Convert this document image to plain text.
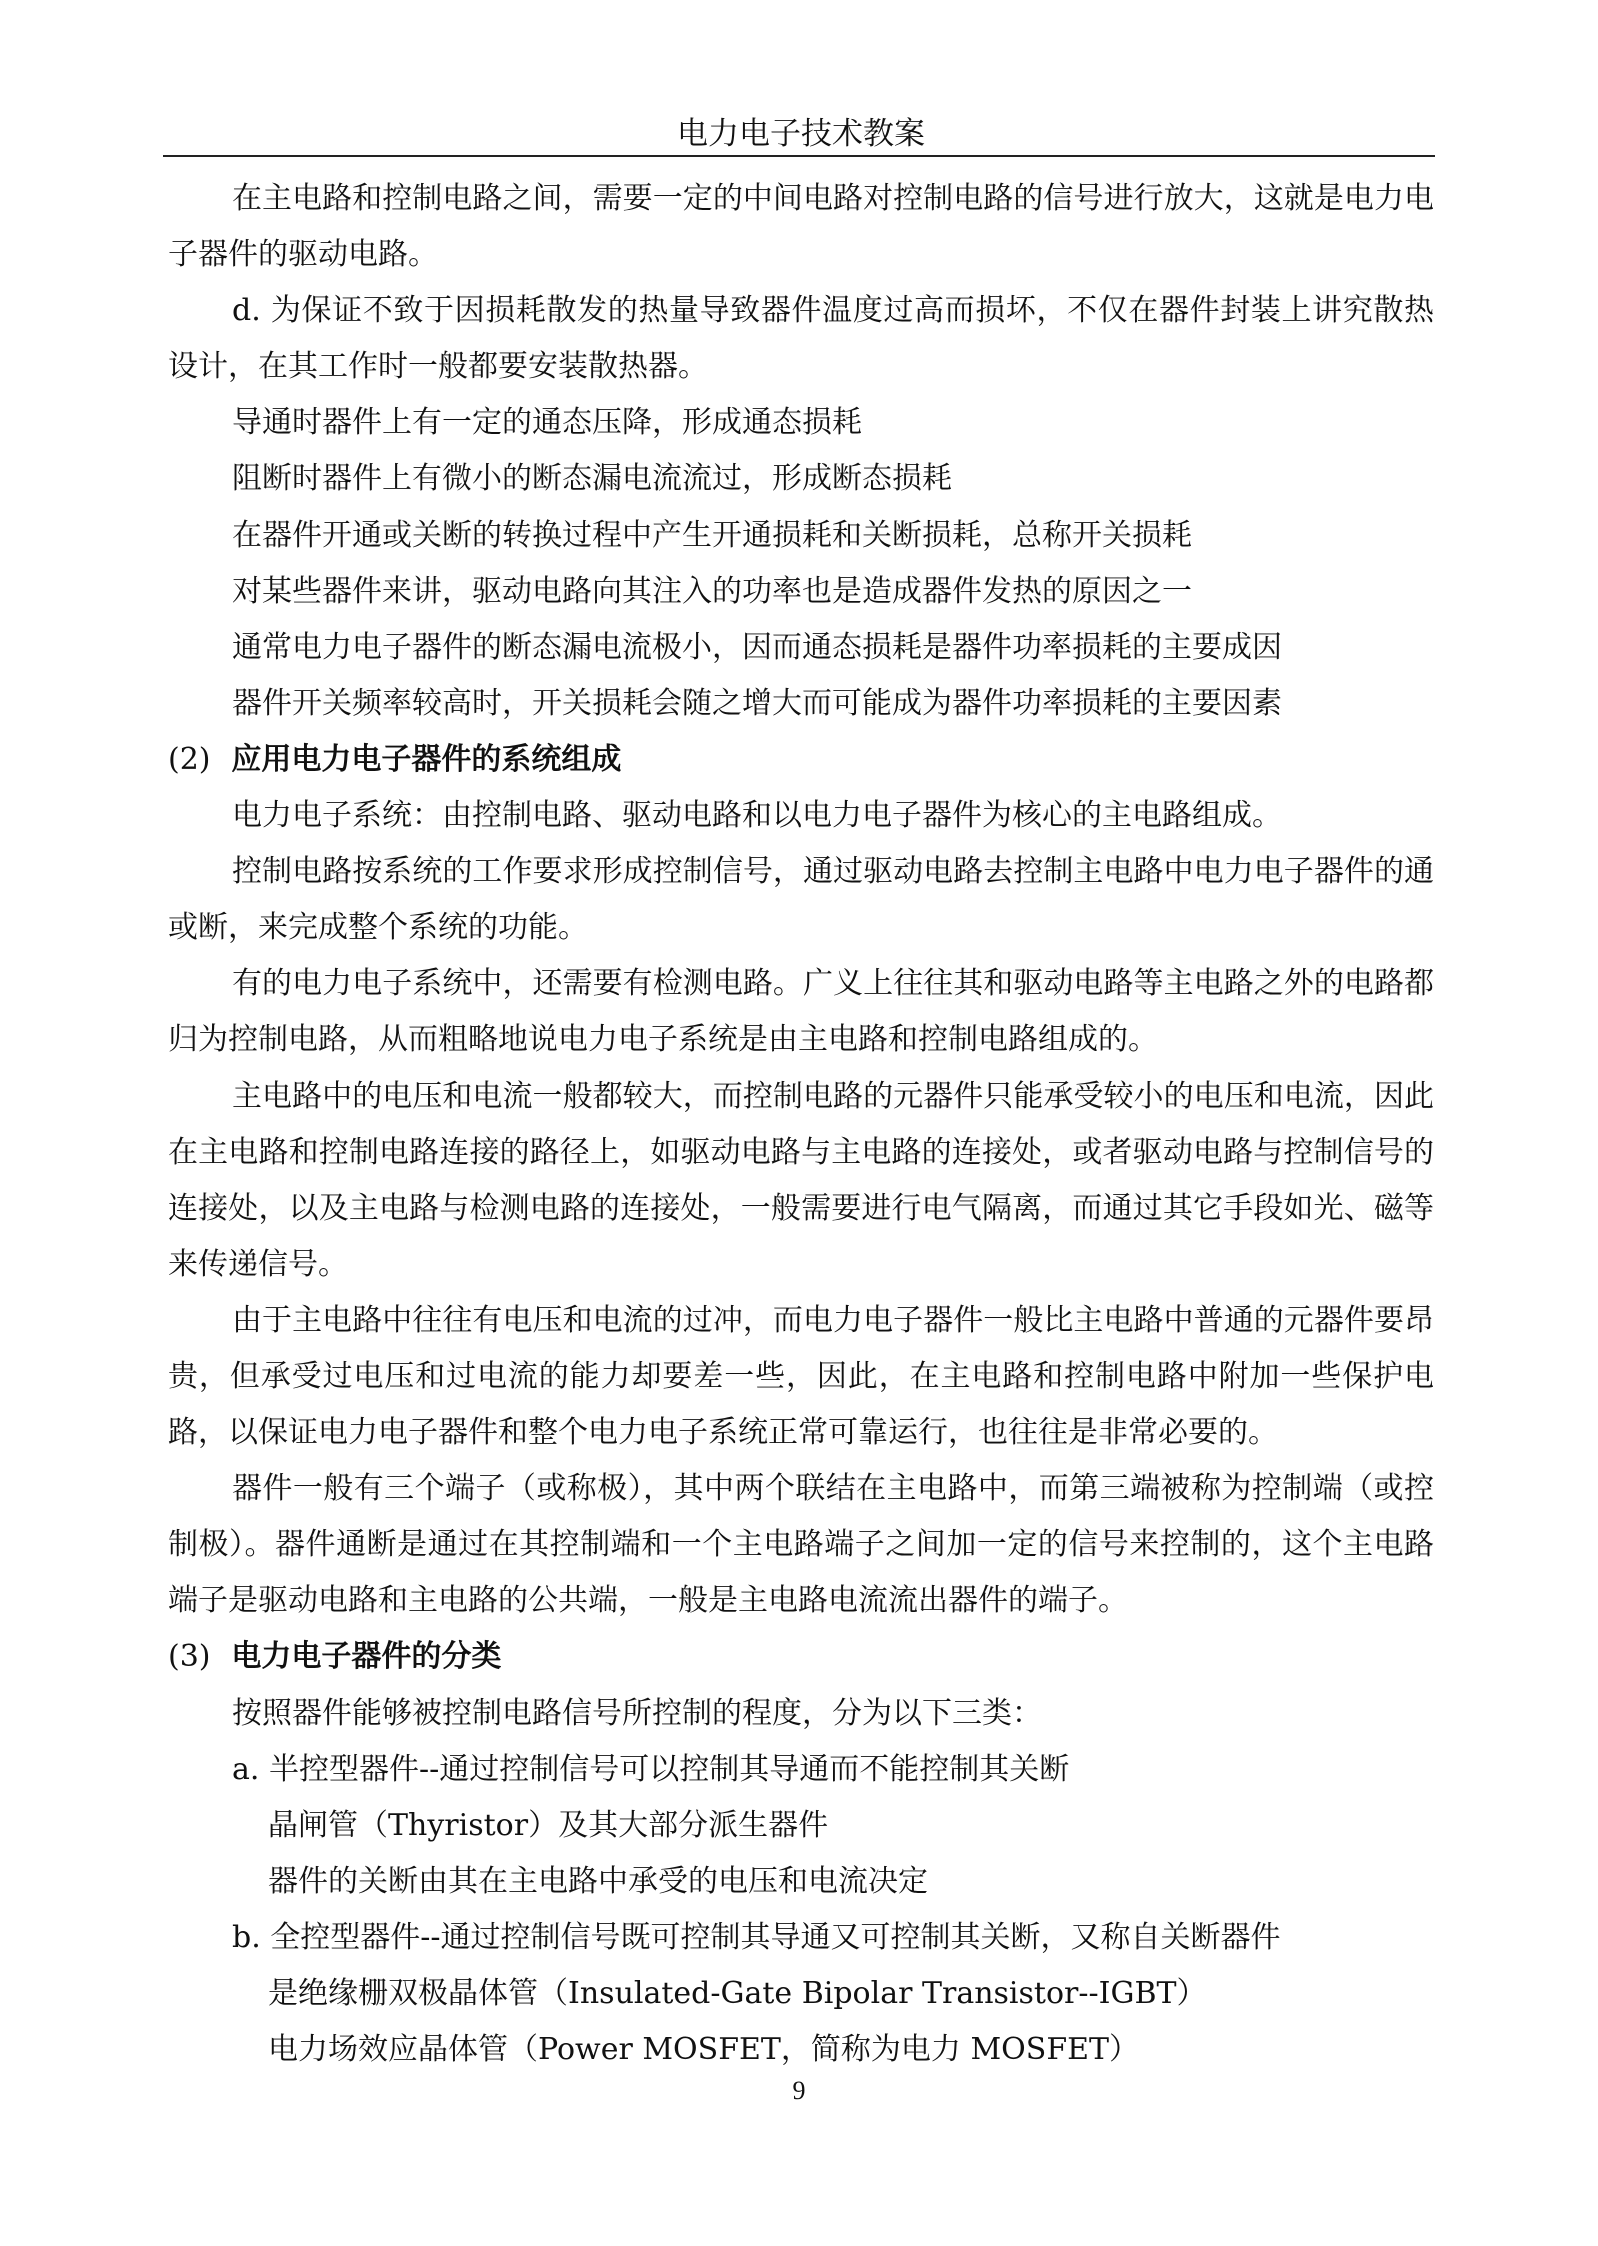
电力电子技术教案

在主电路和控制电路之间，需要一定的中间电路对控制电路的信号进行放大，这就是电力电子器件的驱动电路。

d. 为保证不致于因损耗散发的热量导致器件温度过高而损坏，不仅在器件封装上讲究散热设计，在其工作时一般都要安装散热器。

导通时器件上有一定的通态压降，形成通态损耗

阻断时器件上有微小的断态漏电流流过，形成断态损耗

在器件开通或关断的转换过程中产生开通损耗和关断损耗，总称开关损耗

对某些器件来讲，驱动电路向其注入的功率也是造成器件发热的原因之一

通常电力电子器件的断态漏电流极小，因而通态损耗是器件功率损耗的主要成因

器件开关频率较高时，开关损耗会随之增大而可能成为器件功率损耗的主要因素

(2) 应用电力电子器件的系统组成

电力电子系统：由控制电路、驱动电路和以电力电子器件为核心的主电路组成。

控制电路按系统的工作要求形成控制信号，通过驱动电路去控制主电路中电力电子器件的通或断，来完成整个系统的功能。

有的电力电子系统中，还需要有检测电路。广义上往往其和驱动电路等主电路之外的电路都归为控制电路，从而粗略地说电力电子系统是由主电路和控制电路组成的。

主电路中的电压和电流一般都较大，而控制电路的元器件只能承受较小的电压和电流，因此在主电路和控制电路连接的路径上，如驱动电路与主电路的连接处，或者驱动电路与控制信号的连接处，以及主电路与检测电路的连接处，一般需要进行电气隔离，而通过其它手段如光、磁等来传递信号。

由于主电路中往往有电压和电流的过冲，而电力电子器件一般比主电路中普通的元器件要昂贵，但承受过电压和过电流的能力却要差一些，因此，在主电路和控制电路中附加一些保护电路，以保证电力电子器件和整个电力电子系统正常可靠运行，也往往是非常必要的。

器件一般有三个端子（或称极），其中两个联结在主电路中，而第三端被称为控制端（或控制极）。器件通断是通过在其控制端和一个主电路端子之间加一定的信号来控制的，这个主电路端子是驱动电路和主电路的公共端，一般是主电路电流流出器件的端子。

(3) 电力电子器件的分类

按照器件能够被控制电路信号所控制的程度，分为以下三类：

a. 半控型器件--通过控制信号可以控制其导通而不能控制其关断

晶闸管（Thyristor）及其大部分派生器件

器件的关断由其在主电路中承受的电压和电流决定

b. 全控型器件--通过控制信号既可控制其导通又可控制其关断，又称自关断器件

是绝缘栅双极晶体管（Insulated-Gate Bipolar Transistor--IGBT）

电力场效应晶体管（Power MOSFET，简称为电力 MOSFET）

9
